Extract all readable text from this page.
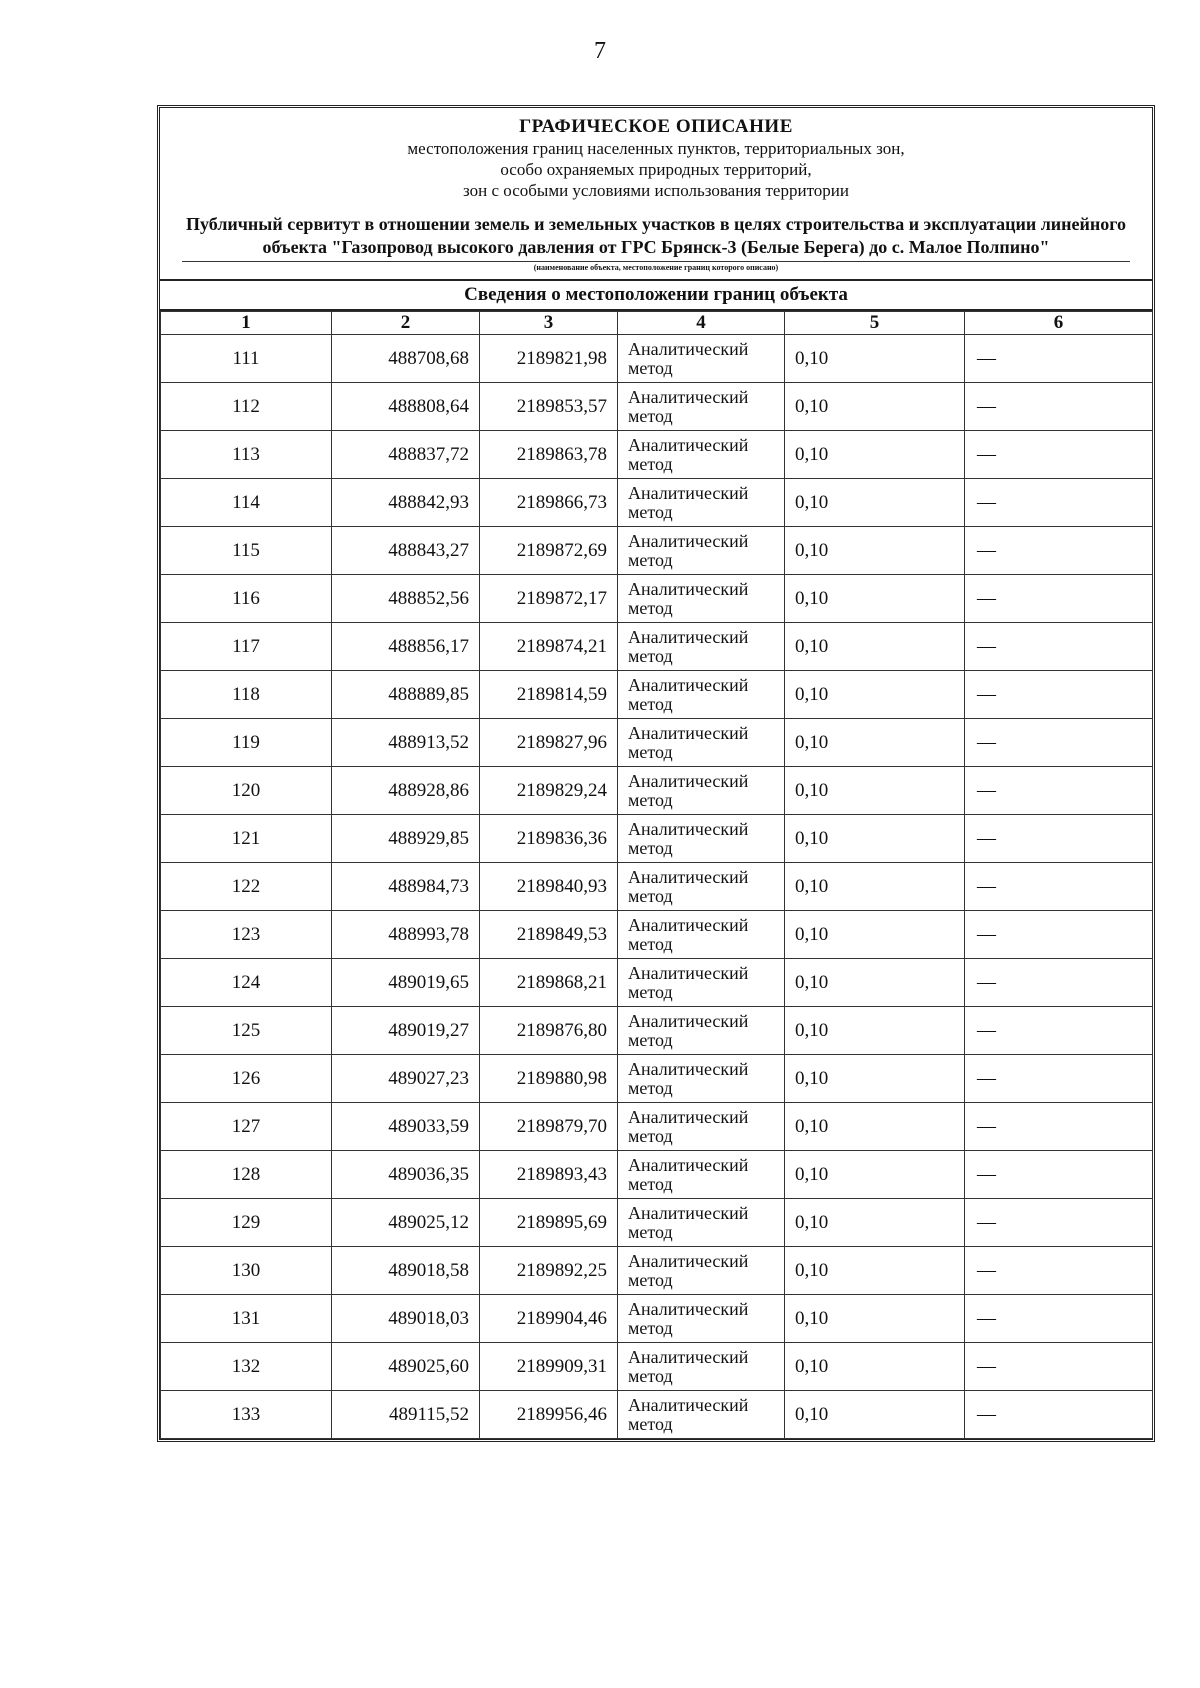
7
ГРАФИЧЕСКОЕ ОПИСАНИЕ
местоположения границ населенных пунктов, территориальных зон,
особо охраняемых природных территорий,
зон с особыми условиями использования территории
Публичный сервитут в отношении земель и земельных участков в целях строительства и эксплуатации линейного объекта "Газопровод высокого давления от ГРС Брянск-3 (Белые Берега) до с. Малое Полпино"
(наименование объекта, местоположение границ которого описано)
Сведения о местоположении границ объекта
1	2	3	4	5	6
111	488708,68	2189821,98	Аналитический метод	0,10	—
112	488808,64	2189853,57	Аналитический метод	0,10	—
113	488837,72	2189863,78	Аналитический метод	0,10	—
114	488842,93	2189866,73	Аналитический метод	0,10	—
115	488843,27	2189872,69	Аналитический метод	0,10	—
116	488852,56	2189872,17	Аналитический метод	0,10	—
117	488856,17	2189874,21	Аналитический метод	0,10	—
118	488889,85	2189814,59	Аналитический метод	0,10	—
119	488913,52	2189827,96	Аналитический метод	0,10	—
120	488928,86	2189829,24	Аналитический метод	0,10	—
121	488929,85	2189836,36	Аналитический метод	0,10	—
122	488984,73	2189840,93	Аналитический метод	0,10	—
123	488993,78	2189849,53	Аналитический метод	0,10	—
124	489019,65	2189868,21	Аналитический метод	0,10	—
125	489019,27	2189876,80	Аналитический метод	0,10	—
126	489027,23	2189880,98	Аналитический метод	0,10	—
127	489033,59	2189879,70	Аналитический метод	0,10	—
128	489036,35	2189893,43	Аналитический метод	0,10	—
129	489025,12	2189895,69	Аналитический метод	0,10	—
130	489018,58	2189892,25	Аналитический метод	0,10	—
131	489018,03	2189904,46	Аналитический метод	0,10	—
132	489025,60	2189909,31	Аналитический метод	0,10	—
133	489115,52	2189956,46	Аналитический метод	0,10	—
